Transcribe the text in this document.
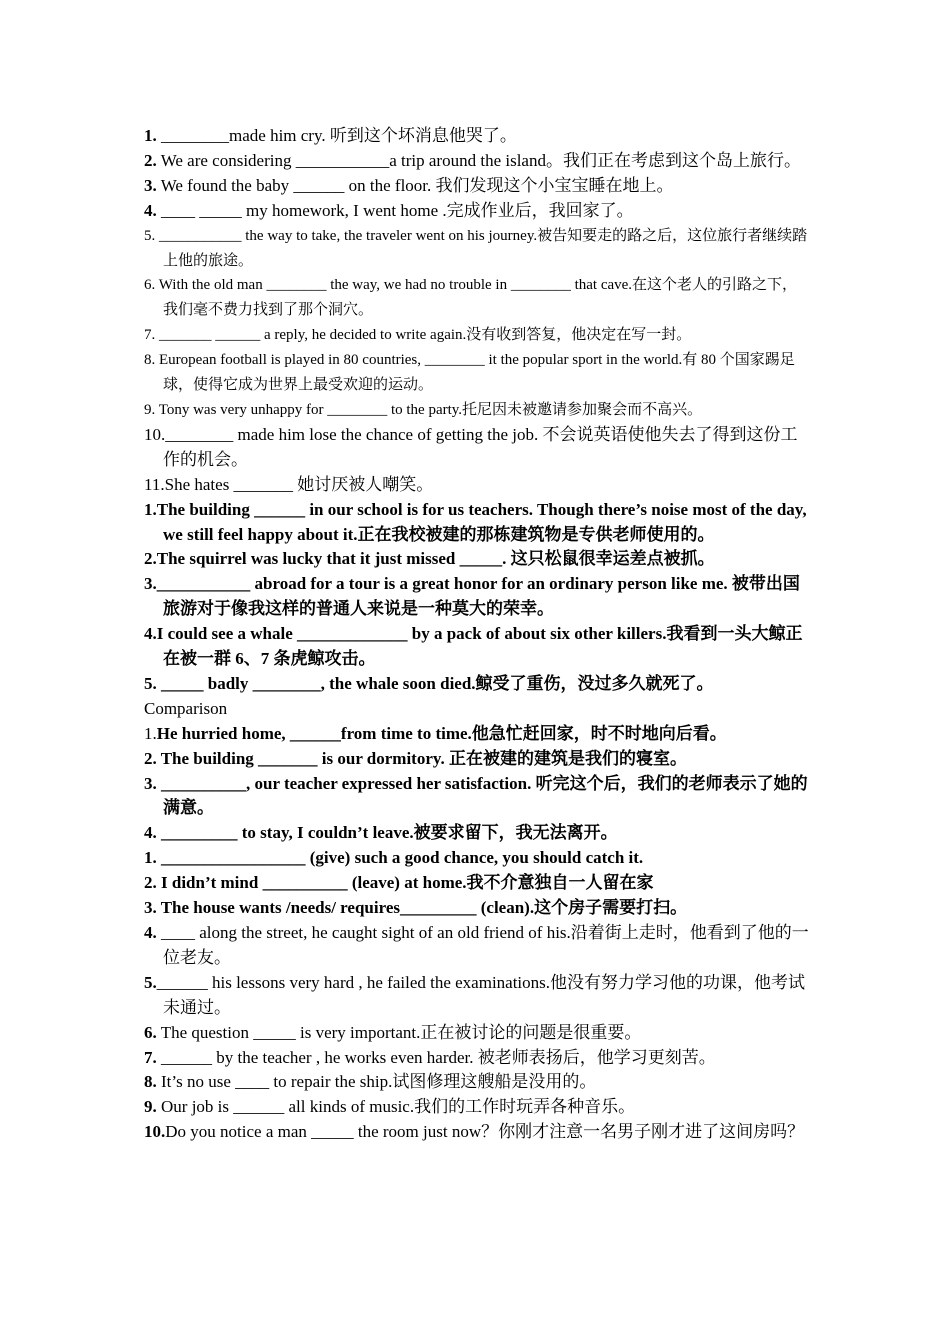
1. ________made him cry. 听到这个坏消息他哭了。
2. We are considering ___________a trip around the island。我们正在考虑到这个岛上旅行。
3. We found the baby ______ on the floor. 我们发现这个小宝宝睡在地上。
4. ____ _____ my homework, I went home .完成作业后，我回家了。
5. ___________ the way to take, the traveler went on his journey.被告知要走的路之后，这位旅行者继续踏上他的旅途。
6. With the old man ________ the way, we had no trouble in ________ that cave.在这个老人的引路之下，我们毫不费力找到了那个洞穴。
7. _______ ______ a reply, he decided to write again.没有收到答复，他决定在写一封。
8. European football is played in 80 countries, ________ it the popular sport in the world.有 80 个国家踢足球，使得它成为世界上最受欢迎的运动。
9. Tony was very unhappy for ________ to the party.托尼因未被邀请参加聚会而不高兴。
10.________ made him lose the chance of getting the job. 不会说英语使他失去了得到这份工作的机会。
11.She hates _______ 她讨厌被人嘲笑。
1.The building ______ in our school is for us teachers. Though there’s noise most of the day, we still feel happy about it.正在我校被建的那栋建筑物是专供老师使用的。
2.The squirrel was lucky that it just missed _____. 这只松鼠很幸运差点被抓。
3.___________ abroad for a tour is a great honor for an ordinary person like me. 被带出国旅游对于像我这样的普通人来说是一种莫大的荣幸。
4.I could see a whale _____________ by a pack of about six other killers.我看到一头大鲸正在被一群 6、7 条虎鲸攻击。
5. _____ badly ________, the whale soon died.鲸受了重伤，没过多久就死了。
Comparison
1.He hurried home, ______from time to time.他急忙赶回家，时不时地向后看。
2. The building _______ is our dormitory. 正在被建的建筑是我们的寝室。
3. __________, our teacher expressed her satisfaction. 听完这个后，我们的老师表示了她的满意。
4. _________ to stay, I couldn’t leave.被要求留下，我无法离开。
1. _________________ (give) such a good chance, you should catch it.
2. I didn’t mind __________ (leave) at home.我不介意独自一人留在家
3. The house wants /needs/ requires_________ (clean).这个房子需要打扫。
4. ____ along the street, he caught sight of an old friend of his.沿着街上走时，他看到了他的一位老友。
5.______ his lessons very hard , he failed the examinations.他没有努力学习他的功课，他考试未通过。
6. The question _____ is very important.正在被讨论的问题是很重要。
7. ______ by the teacher , he works even harder. 被老师表扬后，他学习更刻苦。
8. It’s no use ____ to repair the ship.试图修理这艘船是没用的。
9. Our job is ______ all kinds of music.我们的工作时玩弄各种音乐。
10.Do you notice a man _____ the room just now？你刚才注意一名男子刚才进了这间房吗？
